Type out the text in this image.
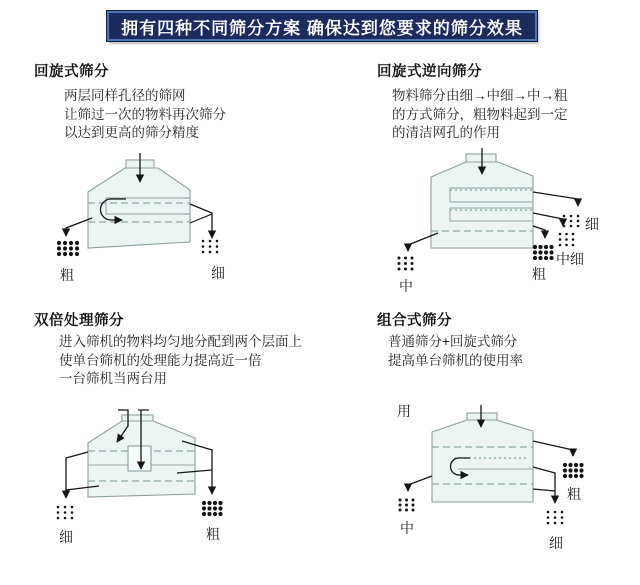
拥有四种不同筛分方案 确保达到您要求的筛分效果
回旋式筛分
两层同样孔径的筛网
让筛过一次的物料再次筛分
以达到更高的筛分精度
粗	细
回旋式逆向筛分
物料筛分由细→中细→中→粗
的方式筛分，粗物料起到一定
的清洁网孔的作用
细
中细
粗
中
双倍处理筛分
进入筛机的物料均匀地分配到两个层面上
使单台筛机的处理能力提高近一倍
一台筛机当两台用
细	粗
组合式筛分
普通筛分+回旋式筛分
提高单台筛机的使用率
用
粗
细
中
